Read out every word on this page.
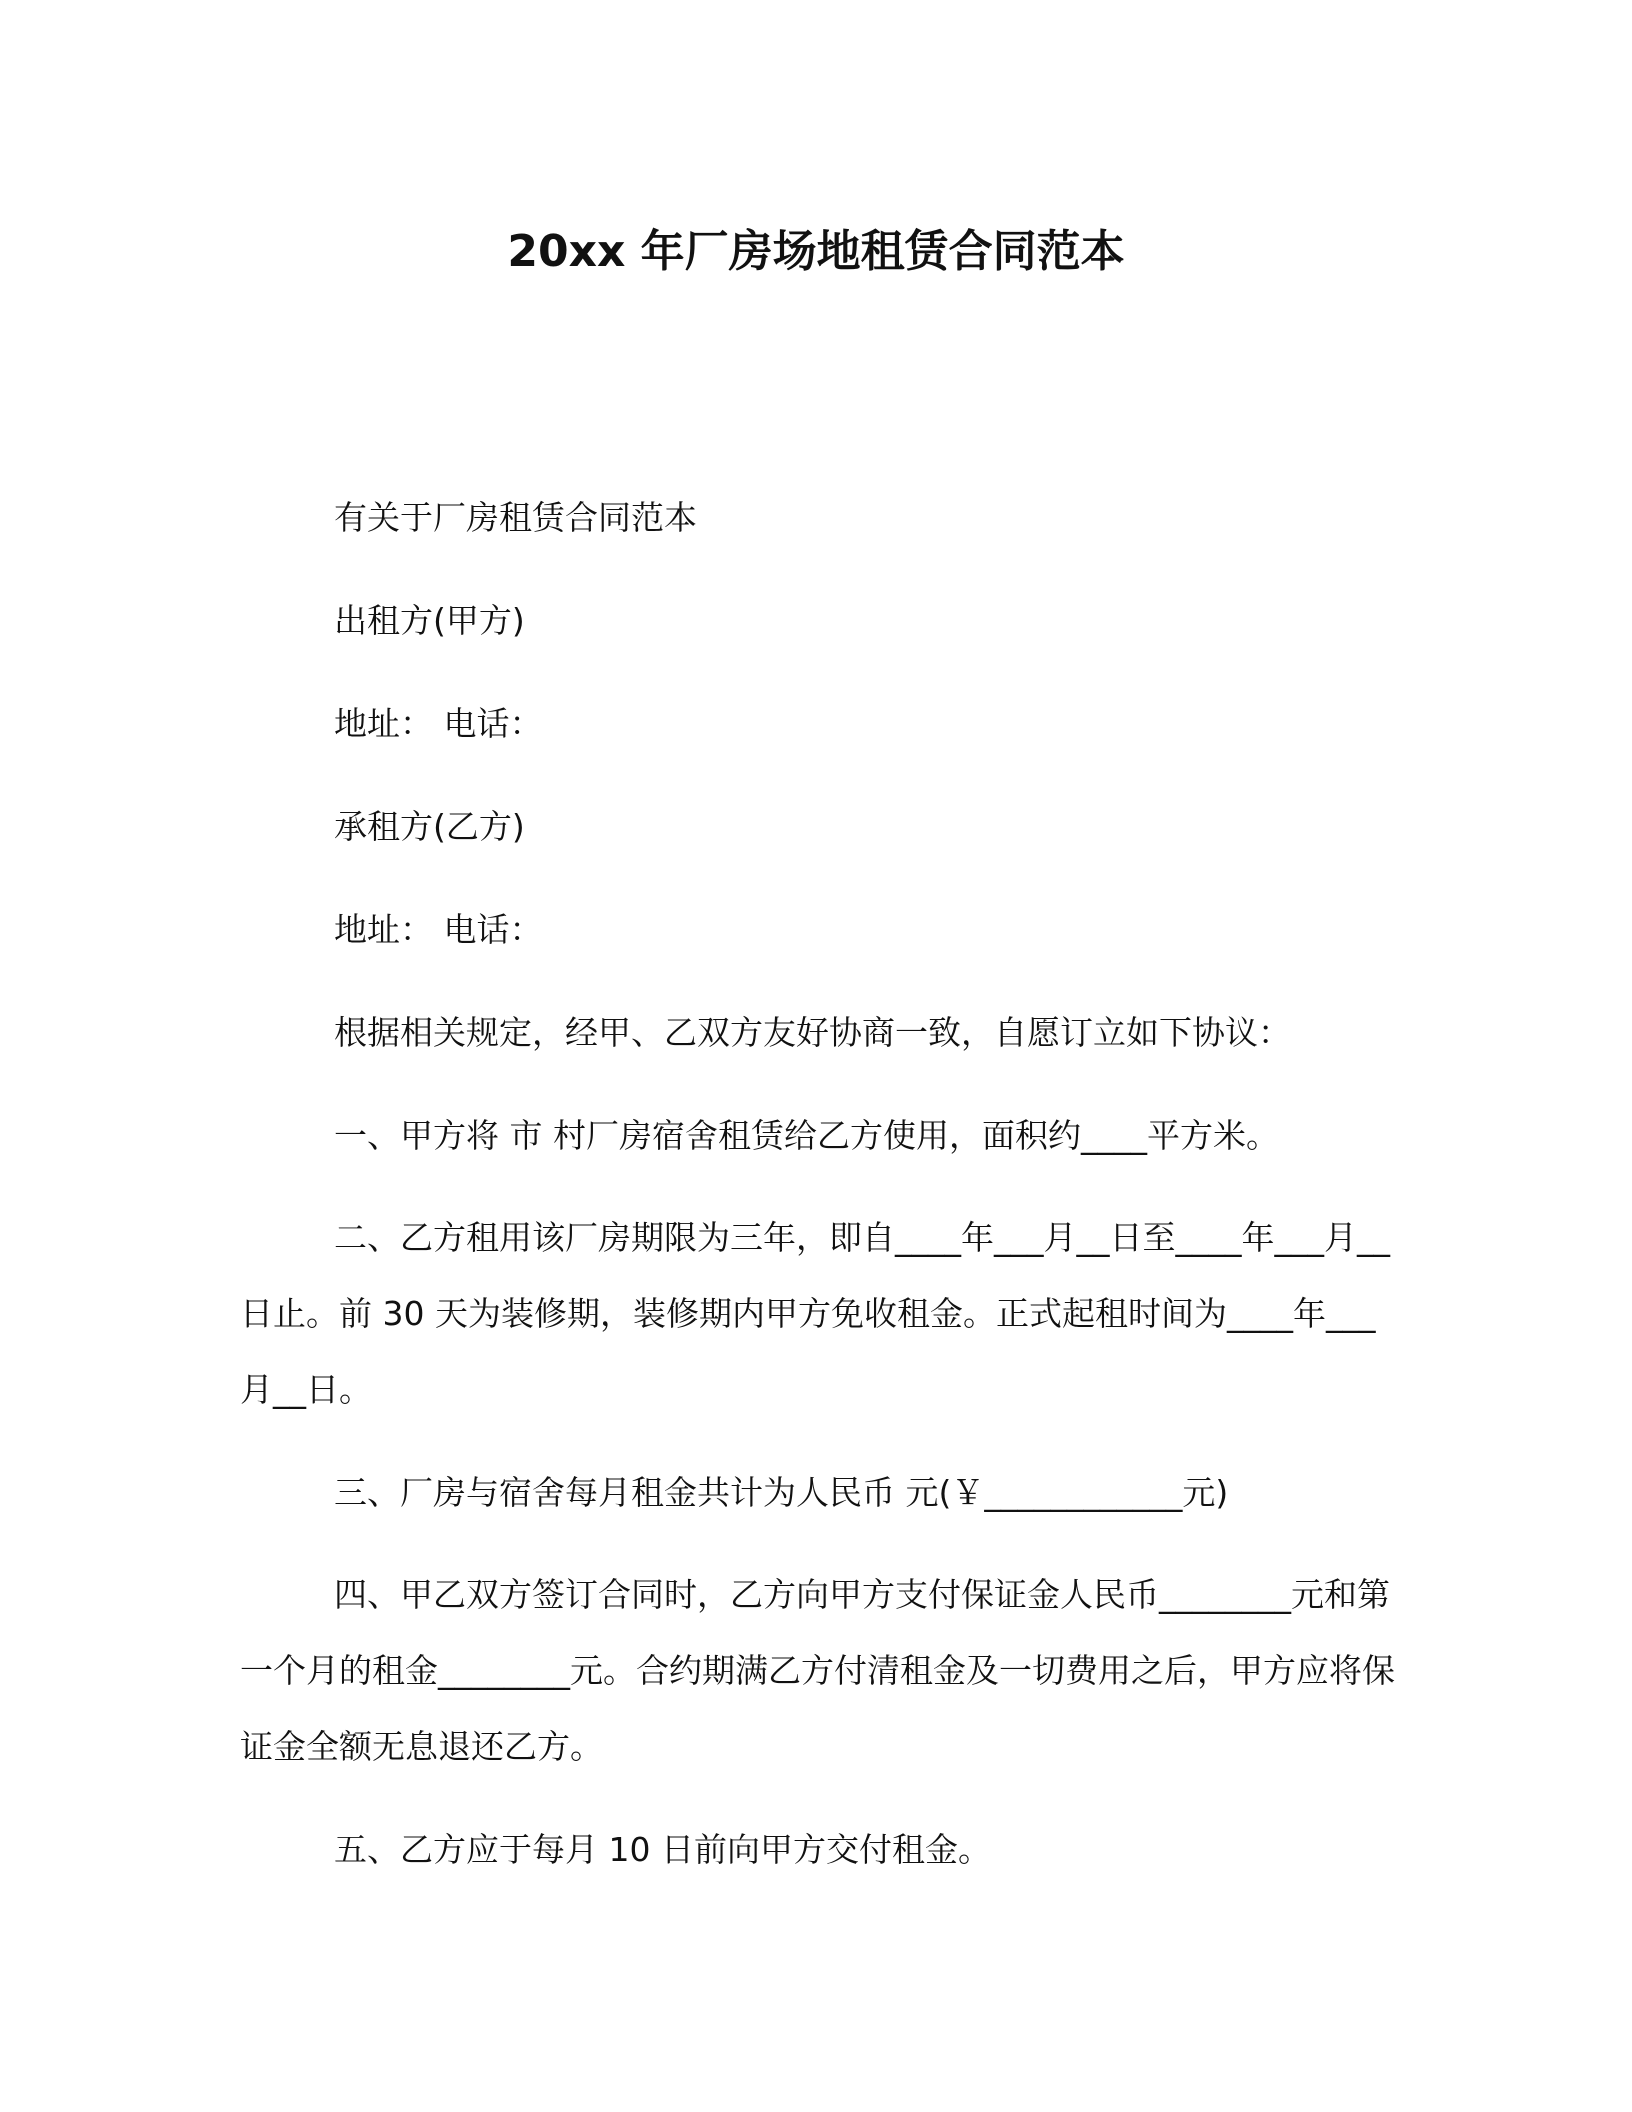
20xx 年厂房场地租赁合同范本

有关于厂房租赁合同范本

出租方(甲方)

地址： 电话：

承租方(乙方)

地址： 电话：

根据相关规定，经甲、乙双方友好协商一致，自愿订立如下协议：

一、甲方将 市 村厂房宿舍租赁给乙方使用，面积约____平方米。

二、乙方租用该厂房期限为三年，即自____年___月__日至____年___月__日止。前 30 天为装修期，装修期内甲方免收租金。正式起租时间为____年___月__日。

三、厂房与宿舍每月租金共计为人民币 元(￥____________元)

四、甲乙双方签订合同时，乙方向甲方支付保证金人民币________元和第一个月的租金________元。合约期满乙方付清租金及一切费用之后，甲方应将保证金全额无息退还乙方。

五、乙方应于每月 10 日前向甲方交付租金。
